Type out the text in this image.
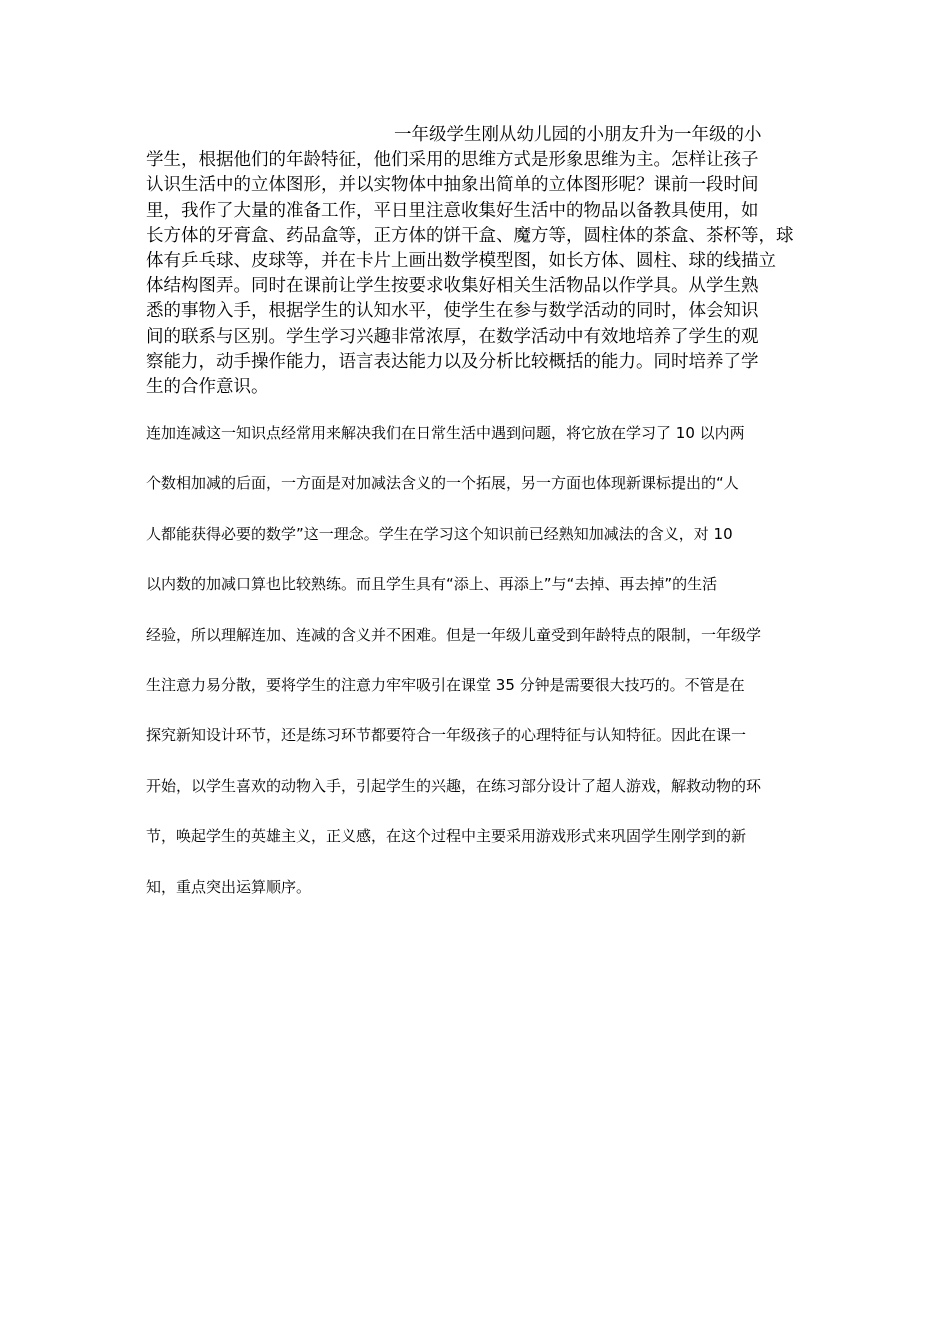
一年级学生刚从幼儿园的小朋友升为一年级的小
学生，根据他们的年龄特征，他们采用的思维方式是形象思维为主。怎样让孩子
认识生活中的立体图形，并以实物体中抽象出简单的立体图形呢？课前一段时间
里，我作了大量的准备工作，平日里注意收集好生活中的物品以备教具使用，如
长方体的牙膏盒、药品盒等，正方体的饼干盒、魔方等，圆柱体的茶盒、茶杯等，球
体有乒乓球、皮球等，并在卡片上画出数学模型图，如长方体、圆柱、球的线描立
体结构图弄。同时在课前让学生按要求收集好相关生活物品以作学具。从学生熟
悉的事物入手，根据学生的认知水平，使学生在参与数学活动的同时，体会知识
间的联系与区别。学生学习兴趣非常浓厚，在数学活动中有效地培养了学生的观
察能力，动手操作能力，语言表达能力以及分析比较概括的能力。同时培养了学
生的合作意识。
连加连减这一知识点经常用来解决我们在日常生活中遇到问题，将它放在学习了 10 以内两
个数相加减的后面，一方面是对加减法含义的一个拓展，另一方面也体现新课标提出的“人
人都能获得必要的数学”这一理念。学生在学习这个知识前已经熟知加减法的含义，对 10
以内数的加减口算也比较熟练。而且学生具有“添上、再添上”与“去掉、再去掉”的生活
经验，所以理解连加、连减的含义并不困难。但是一年级儿童受到年龄特点的限制，一年级学
生注意力易分散，要将学生的注意力牢牢吸引在课堂 35 分钟是需要很大技巧的。不管是在
探究新知设计环节，还是练习环节都要符合一年级孩子的心理特征与认知特征。因此在课一
开始，以学生喜欢的动物入手，引起学生的兴趣，在练习部分设计了超人游戏，解救动物的环
节，唤起学生的英雄主义，正义感，在这个过程中主要采用游戏形式来巩固学生刚学到的新
知，重点突出运算顺序。
